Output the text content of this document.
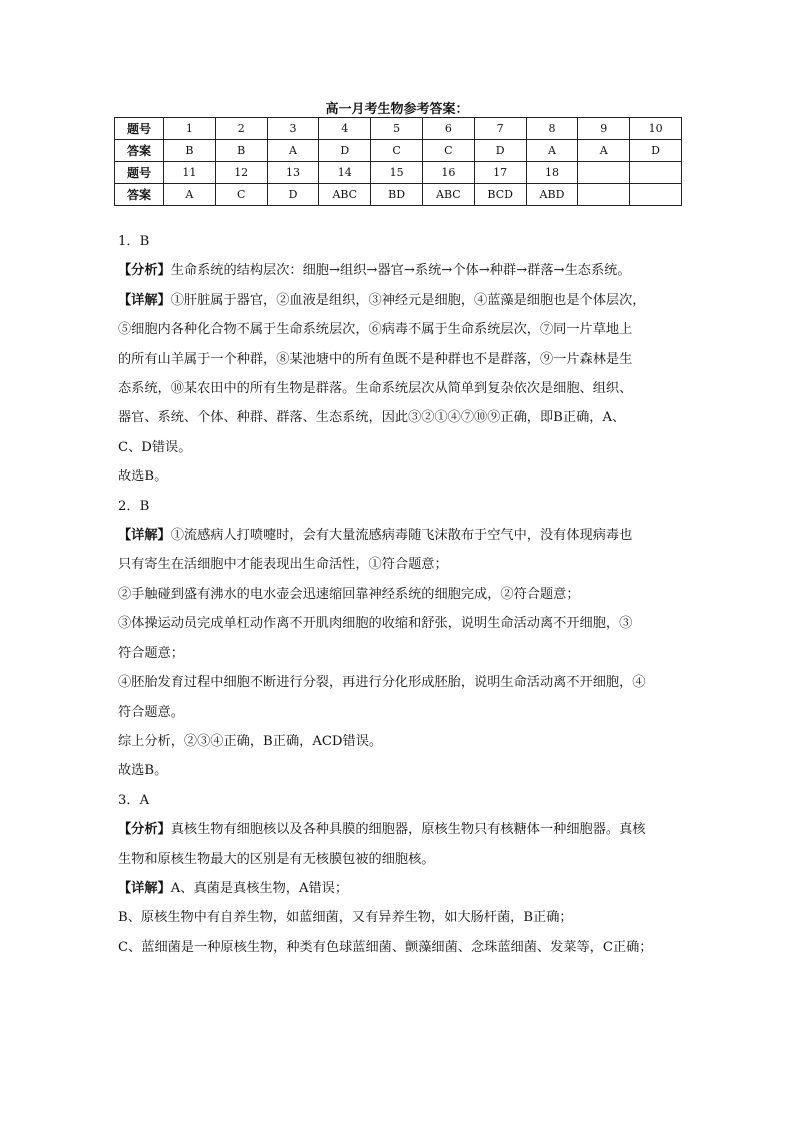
高一月考生物参考答案：
题号	1	2	3	4	5	6	7	8	9	10
答案	B	B	A	D	C	C	D	A	A	D
题号	11	12	13	14	15	16	17	18		
答案	A	C	D	ABC	BD	ABC	BCD	ABD		

1．B

【分析】生命系统的结构层次：细胞→组织→器官→系统→个体→种群→群落→生态系统。

【详解】①肝脏属于器官，②血液是组织，③神经元是细胞，④蓝藻是细胞也是个体层次，

⑤细胞内各种化合物不属于生命系统层次，⑥病毒不属于生命系统层次，⑦同一片草地上

的所有山羊属于一个种群，⑧某池塘中的所有鱼既不是种群也不是群落，⑨一片森林是生

态系统，⑩某农田中的所有生物是群落。生命系统层次从简单到复杂依次是细胞、组织、

器官、系统、个体、种群、群落、生态系统，因此③②①④⑦⑩⑨正确，即B正确，A、

C、D错误。

故选B。

2．B

【详解】①流感病人打喷嚏时，会有大量流感病毒随飞沫散布于空气中，没有体现病毒也

只有寄生在活细胞中才能表现出生命活性，①符合题意；

②手触碰到盛有沸水的电水壶会迅速缩回靠神经系统的细胞完成，②符合题意；

③体操运动员完成单杠动作离不开肌肉细胞的收缩和舒张，说明生命活动离不开细胞，③

符合题意；

④胚胎发育过程中细胞不断进行分裂，再进行分化形成胚胎，说明生命活动离不开细胞，④

符合题意。

综上分析，②③④正确，B正确，ACD错误。

故选B。

3．A

【分析】真核生物有细胞核以及各种具膜的细胞器，原核生物只有核糖体一种细胞器。真核

生物和原核生物最大的区别是有无核膜包被的细胞核。

【详解】A、真菌是真核生物，A错误；

B、原核生物中有自养生物，如蓝细菌，又有异养生物，如大肠杆菌，B正确；

C、蓝细菌是一种原核生物，种类有色球蓝细菌、颤藻细菌、念珠蓝细菌、发菜等，C正确；
